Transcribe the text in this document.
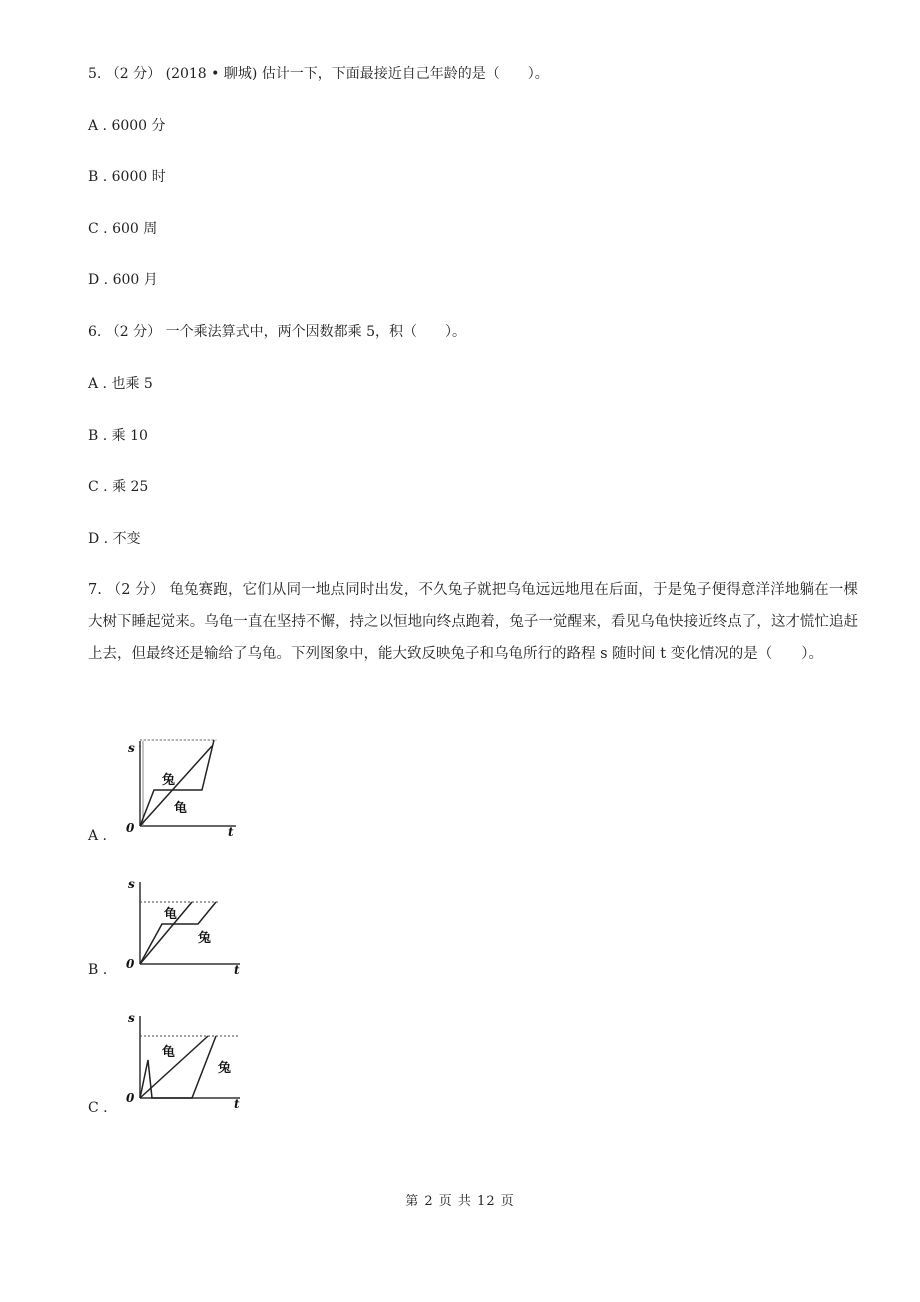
5. （2 分） (2018 • 聊城) 估计一下，下面最接近自己年龄的是（　　）。
A . 6000 分
B . 6000 时
C . 600 周
D . 600 月
6. （2 分） 一个乘法算式中，两个因数都乘 5，积（　　）。
A . 也乘 5
B . 乘 10
C . 乘 25
D . 不变
7. （2 分） 龟兔赛跑，它们从同一地点同时出发，不久兔子就把乌龟远远地甩在后面，于是兔子便得意洋洋地躺在一棵大树下睡起觉来。乌龟一直在坚持不懈，持之以恒地向终点跑着，兔子一觉醒来，看见乌龟快接近终点了，这才慌忙追赶上去，但最终还是输给了乌龟。下列图象中，能大致反映兔子和乌龟所行的路程 s 随时间 t 变化情况的是（　　）。
A .
s
t
0
兔
龟
B .
s
t
0
龟
兔
C .
s
t
0
龟
兔
第 2 页 共 12 页
